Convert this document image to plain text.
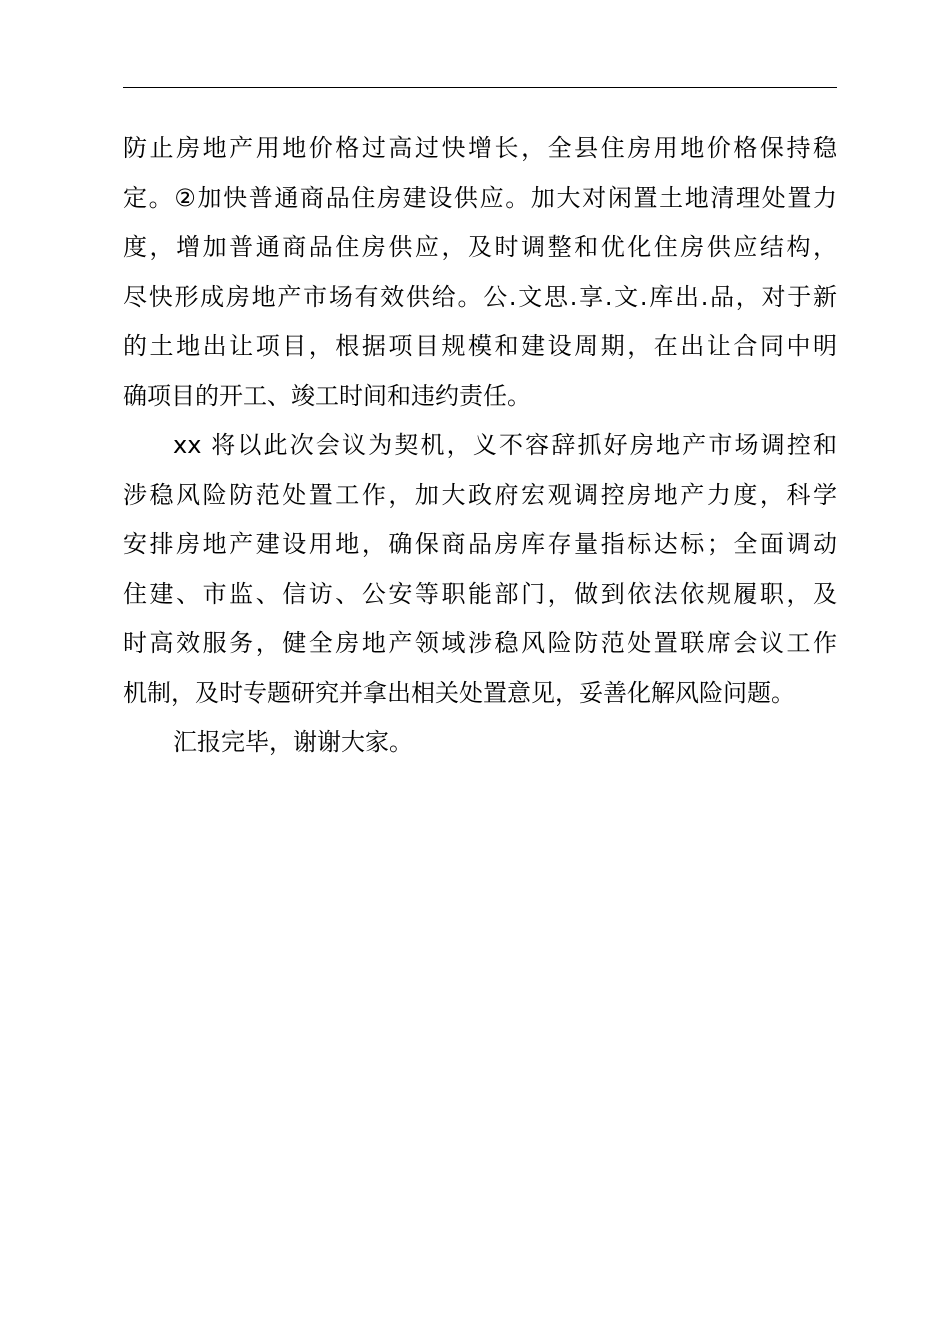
防止房地产用地价格过高过快增长，全县住房用地价格保持稳
定。②加快普通商品住房建设供应。加大对闲置土地清理处置力
度，增加普通商品住房供应，及时调整和优化住房供应结构，
尽快形成房地产市场有效供给。公.文思.享.文.库出.品，对于新
的土地出让项目，根据项目规模和建设周期，在出让合同中明
确项目的开工、竣工时间和违约责任。
xx 将以此次会议为契机，义不容辞抓好房地产市场调控和
涉稳风险防范处置工作，加大政府宏观调控房地产力度，科学
安排房地产建设用地，确保商品房库存量指标达标；全面调动
住建、市监、信访、公安等职能部门，做到依法依规履职，及
时高效服务，健全房地产领域涉稳风险防范处置联席会议工作
机制，及时专题研究并拿出相关处置意见，妥善化解风险问题。
汇报完毕，谢谢大家。
